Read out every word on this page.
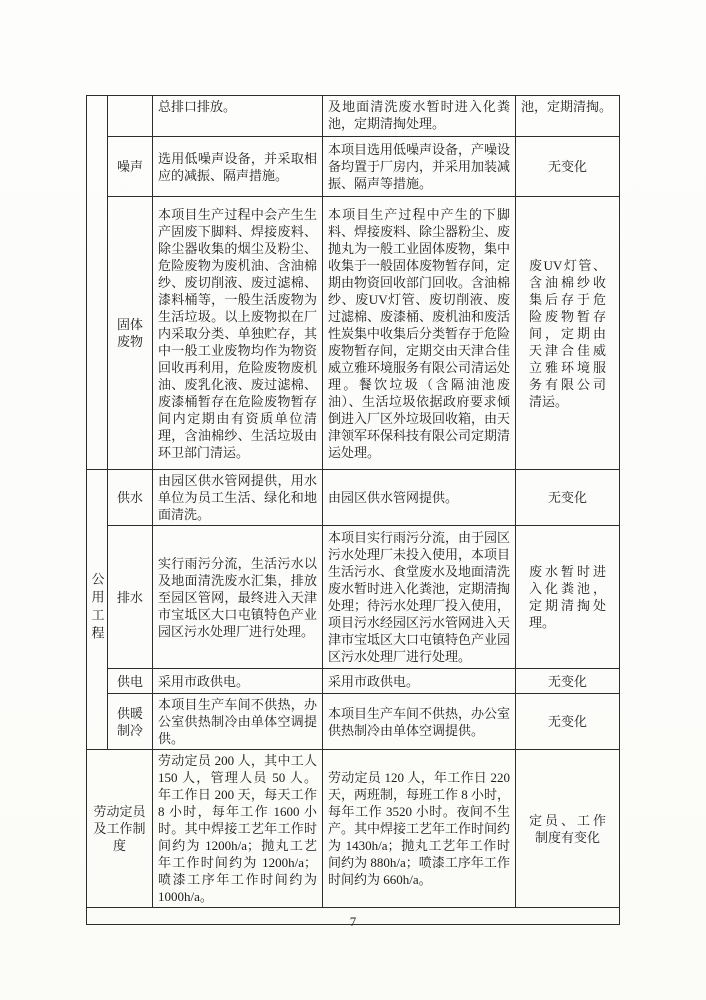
		总排口排放。	及地面清洗废水暂时进入化粪池，定期清掏处理。	池，定期清掏。

	噪声	选用低噪声设备，并采取相应的减振、隔声措施。	本项目选用低噪声设备，产噪设备均置于厂房内，并采用加装减振、隔声等措施。	无变化

	固体废物	本项目生产过程中会产生生产固废下脚料、焊接废料、除尘器收集的烟尘及粉尘、危险废物为废机油、含油棉纱、废切削液、废过滤棉、漆料桶等，一般生活废物为生活垃圾。以上废物拟在厂内采取分类、单独贮存，其中一般工业废物均作为物资回收再利用，危险废物废机油、废乳化液、废过滤棉、废漆桶暂存在危险废物暂存间内定期由有资质单位清理，含油棉纱、生活垃圾由环卫部门清运。	本项目生产过程中产生的下脚料、焊接废料、除尘器粉尘、废抛丸为一般工业固体废物，集中收集于一般固体废物暂存间，定期由物资回收部门回收。含油棉纱、废UV灯管、废切削液、废过滤棉、废漆桶、废机油和废活性炭集中收集后分类暂存于危险废物暂存间，定期交由天津合佳威立雅环境服务有限公司清运处理。餐饮垃圾（含隔油池废油）、生活垃圾依据政府要求倾倒进入厂区外垃圾回收箱，由天津领军环保科技有限公司定期清运处理。	废UV灯管、含油棉纱收集后存于危险废物暂存间，定期由天津合佳威立雅环境服务有限公司清运。
公用工程	供水	由园区供水管网提供，用水单位为员工生活、绿化和地面清洗。	由园区供水管网提供。	无变化
	排水	实行雨污分流，生活污水以及地面清洗废水汇集，排放至园区管网，最终进入天津市宝坻区大口屯镇特色产业园区污水处理厂进行处理。	本项目实行雨污分流，由于园区污水处理厂未投入使用，本项目生活污水、食堂废水及地面清洗废水暂时进入化粪池，定期清掏处理；待污水处理厂投入使用，项目污水经园区污水管网进入天津市宝坻区大口屯镇特色产业园区污水处理厂进行处理。	废水暂时进入化粪池，定期清掏处理。
	供电	采用市政供电。	采用市政供电。	无变化

	供暖制冷	本项目生产车间不供热，办公室供热制冷由单体空调提供。	本项目生产车间不供热，办公室供热制冷由单体空调提供。	无变化
劳动定员及工作制度		劳动定员 200 人，其中工人 150 人，管理人员 50 人。年工作日 200 天，每天工作 8 小时，每年工作 1600 小时。其中焊接工艺年工作时间约为 1200h/a；抛丸工艺年工作时间约为 1200h/a；喷漆工序年工作时间约为 1000h/a。	劳动定员 120 人，年工作日 220 天，两班制，每班工作 8 小时，每年工作 3520 小时。夜间不生产。其中焊接工艺年工作时间约为 1430h/a；抛丸工艺年工作时间约为 880h/a；喷漆工序年工作时间约为 660h/a。	定员、工作制度有变化

7
